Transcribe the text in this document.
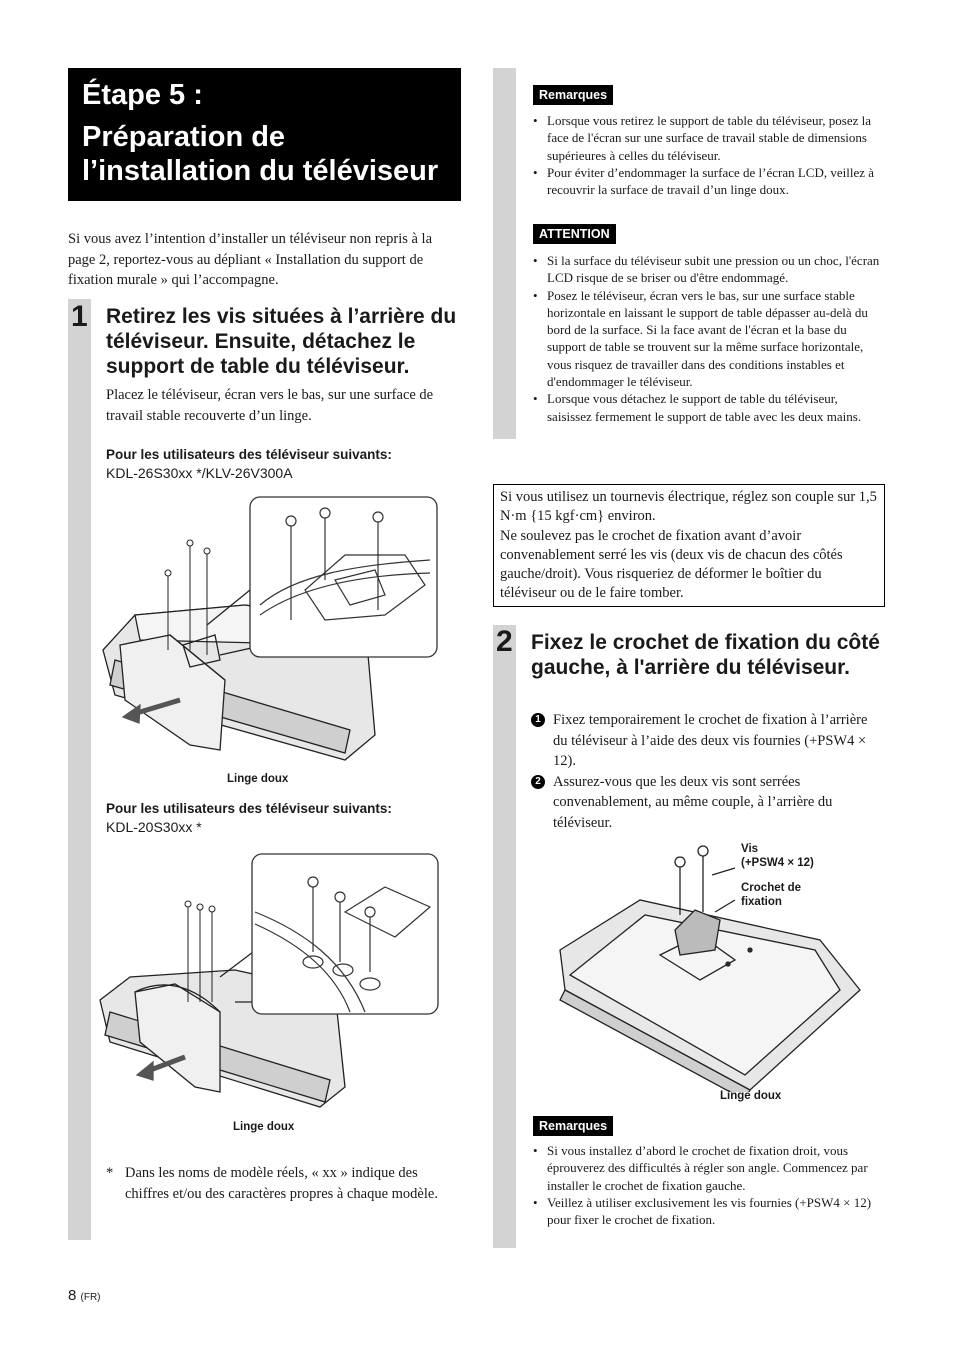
Étape 5 :

Préparation de

l’installation du téléviseur

Si vous avez l’intention d’installer un téléviseur non repris à la page 2, reportez-vous au dépliant « Installation du support de fixation murale » qui l’accompagne.
1 Retirez les vis situées à l’arrière du téléviseur. Ensuite, détachez le support de table du téléviseur.
Placez le téléviseur, écran vers le bas, sur une surface de travail stable recouverte d’un linge.
Pour les utilisateurs des téléviseur suivants:
KDL-26S30xx */KLV-26V300A
Linge doux
Pour les utilisateurs des téléviseur suivants:
KDL-20S30xx *
Linge doux
* Dans les noms de modèle réels, « xx » indique des chiffres et/ou des caractères propres à chaque modèle.
Remarques
• Lorsque vous retirez le support de table du téléviseur, posez la face de l'écran sur une surface de travail stable de dimensions supérieures à celles du téléviseur.
• Pour éviter d’endommager la surface de l’écran LCD, veillez à recouvrir la surface de travail d’un linge doux.
ATTENTION
• Si la surface du téléviseur subit une pression ou un choc, l'écran LCD risque de se briser ou d'être endommagé.
• Posez le téléviseur, écran vers le bas, sur une surface stable horizontale en laissant le support de table dépasser au-delà du bord de la surface. Si la face avant de l'écran et la base du support de table se trouvent sur la même surface horizontale, vous risquez de travailler dans des conditions instables et d'endommager le téléviseur.
• Lorsque vous détachez le support de table du téléviseur, saisissez fermement le support de table avec les deux mains.
Si vous utilisez un tournevis électrique, réglez son couple sur 1,5 N·m {15 kgf·cm} environ.
Ne soulevez pas le crochet de fixation avant d’avoir convenablement serré les vis (deux vis de chacun des côtés gauche/droit). Vous risqueriez de déformer le boîtier du téléviseur ou de le faire tomber.
2 Fixez le crochet de fixation du côté gauche, à l'arrière du téléviseur.
1 Fixez temporairement le crochet de fixation à l’arrière du téléviseur à l’aide des deux vis fournies (+PSW4 × 12).
2 Assurez-vous que les deux vis sont serrées convenablement, au même couple, à l’arrière du téléviseur.
Vis
(+PSW4 × 12)
Crochet de
fixation
Linge doux
Remarques
• Si vous installez d’abord le crochet de fixation droit, vous éprouverez des difficultés à régler son angle. Commencez par installer le crochet de fixation gauche.
• Veillez à utiliser exclusivement les vis fournies (+PSW4 × 12) pour fixer le crochet de fixation.
8 (FR)
